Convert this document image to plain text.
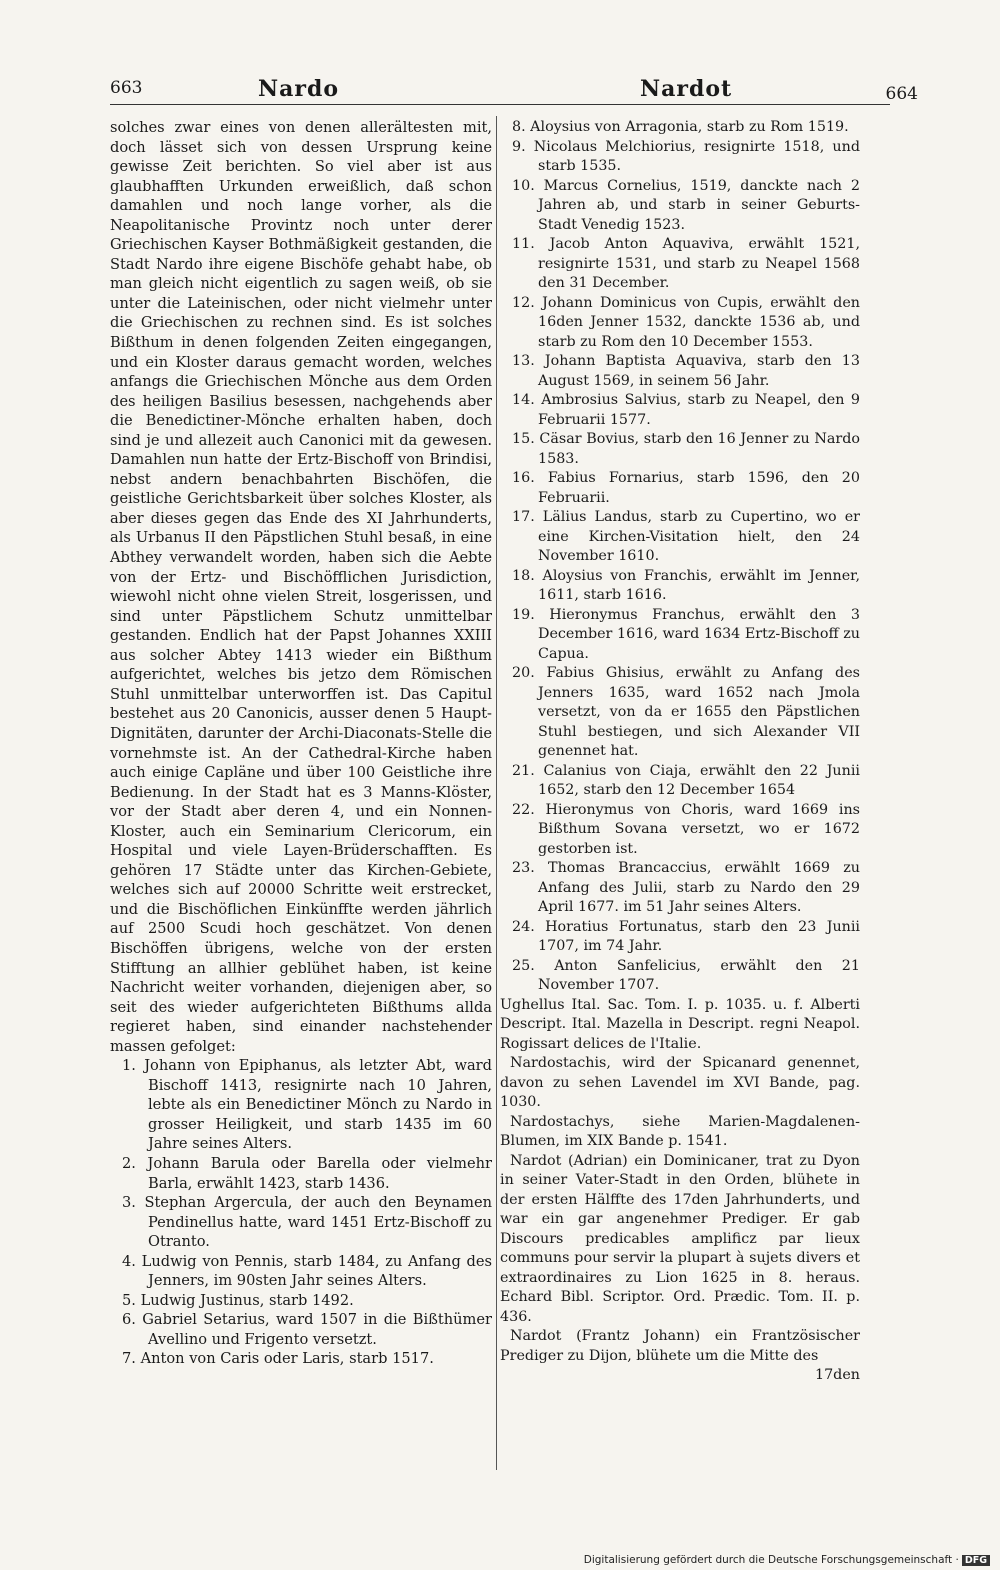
663	Nardo	Nardot	664

solches zwar eines von denen allerältesten mit, doch lässet sich von dessen Ursprung keine gewisse Zeit berichten. So viel aber ist aus glaubhafften Urkunden erweißlich, daß schon damahlen und noch lange vorher, als die Neapolitanische Provintz noch unter derer Griechischen Kayser Bothmäßigkeit gestanden, die Stadt Nardo ihre eigene Bischöfe gehabt habe, ob man gleich nicht eigentlich zu sagen weiß, ob sie unter die Lateinischen, oder nicht vielmehr unter die Griechischen zu rechnen sind. Es ist solches Bißthum in denen folgenden Zeiten eingegangen, und ein Kloster daraus gemacht worden, welches anfangs die Griechischen Mönche aus dem Orden des heiligen Basilius besessen, nachgehends aber die Benedictiner-Mönche erhalten haben, doch sind je und allezeit auch Canonici mit da gewesen. Damahlen nun hatte der Ertz-Bischoff von Brindisi, nebst andern benachbahrten Bischöfen, die geistliche Gerichtsbarkeit über solches Kloster, als aber dieses gegen das Ende des XI Jahrhunderts, als Urbanus II den Päpstlichen Stuhl besaß, in eine Abthey verwandelt worden, haben sich die Aebte von der Ertz- und Bischöfflichen Jurisdiction, wiewohl nicht ohne vielen Streit, losgerissen, und sind unter Päpstlichem Schutz unmittelbar gestanden. Endlich hat der Papst Johannes XXIII aus solcher Abtey 1413 wieder ein Bißthum aufgerichtet, welches bis jetzo dem Römischen Stuhl unmittelbar unterworffen ist. Das Capitul bestehet aus 20 Canonicis, ausser denen 5 Haupt-Dignitäten, darunter der Archi-Diaconats-Stelle die vornehmste ist. An der Cathedral-Kirche haben auch einige Capläne und über 100 Geistliche ihre Bedienung. In der Stadt hat es 3 Manns-Klöster, vor der Stadt aber deren 4, und ein Nonnen-Kloster, auch ein Seminarium Clericorum, ein Hospital und viele Layen-Brüderschafften. Es gehören 17 Städte unter das Kirchen-Gebiete, welches sich auf 20000 Schritte weit erstrecket, und die Bischöflichen Einkünffte werden jährlich auf 2500 Scudi hoch geschätzet. Von denen Bischöffen übrigens, welche von der ersten Stifftung an allhier geblühet haben, ist keine Nachricht weiter vorhanden, diejenigen aber, so seit des wieder aufgerichteten Bißthums allda regieret haben, sind einander nachstehender massen gefolget:

1. Johann von Epiphanus, als letzter Abt, ward Bischoff 1413, resignirte nach 10 Jahren, lebte als ein Benedictiner Mönch zu Nardo in grosser Heiligkeit, und starb 1435 im 60 Jahre seines Alters.

2. Johann Barula oder Barella oder vielmehr Barla, erwählt 1423, starb 1436.

3. Stephan Argercula, der auch den Beynamen Pendinellus hatte, ward 1451 Ertz-Bischoff zu Otranto.

4. Ludwig von Pennis, starb 1484, zu Anfang des Jenners, im 90sten Jahr seines Alters.

5. Ludwig Justinus, starb 1492.

6. Gabriel Setarius, ward 1507 in die Bißthümer Avellino und Frigento versetzt.

7. Anton von Caris oder Laris, starb 1517.

8. Aloysius von Arragonia, starb zu Rom 1519.

9. Nicolaus Melchiorius, resignirte 1518, und starb 1535.

10. Marcus Cornelius, 1519, danckte nach 2 Jahren ab, und starb in seiner Geburts-Stadt Venedig 1523.

11. Jacob Anton Aquaviva, erwählt 1521, resignirte 1531, und starb zu Neapel 1568 den 31 December.

12. Johann Dominicus von Cupis, erwählt den 16den Jenner 1532, danckte 1536 ab, und starb zu Rom den 10 December 1553.

13. Johann Baptista Aquaviva, starb den 13 August 1569, in seinem 56 Jahr.

14. Ambrosius Salvius, starb zu Neapel, den 9 Februarii 1577.

15. Cäsar Bovius, starb den 16 Jenner zu Nardo 1583.

16. Fabius Fornarius, starb 1596, den 20 Februarii.

17. Lälius Landus, starb zu Cupertino, wo er eine Kirchen-Visitation hielt, den 24 November 1610.

18. Aloysius von Franchis, erwählt im Jenner, 1611, starb 1616.

19. Hieronymus Franchus, erwählt den 3 December 1616, ward 1634 Ertz-Bischoff zu Capua.

20. Fabius Ghisius, erwählt zu Anfang des Jenners 1635, ward 1652 nach Jmola versetzt, von da er 1655 den Päpstlichen Stuhl bestiegen, und sich Alexander VII genennet hat.

21. Calanius von Ciaja, erwählt den 22 Junii 1652, starb den 12 December 1654

22. Hieronymus von Choris, ward 1669 ins Bißthum Sovana versetzt, wo er 1672 gestorben ist.

23. Thomas Brancaccius, erwählt 1669 zu Anfang des Julii, starb zu Nardo den 29 April 1677. im 51 Jahr seines Alters.

24. Horatius Fortunatus, starb den 23 Junii 1707, im 74 Jahr.

25. Anton Sanfelicius, erwählt den 21 November 1707.

Ughellus Ital. Sac. Tom. I. p. 1035. u. f. Alberti Descript. Ital. Mazella in Descript. regni Neapol. Rogissart delices de l'Italie.

Nardostachis, wird der Spicanard genennet, davon zu sehen Lavendel im XVI Bande, pag. 1030.

Nardostachys, siehe Marien-Magdalenen-Blumen, im XIX Bande p. 1541.

Nardot (Adrian) ein Dominicaner, trat zu Dyon in seiner Vater-Stadt in den Orden, blühete in der ersten Hälffte des 17den Jahrhunderts, und war ein gar angenehmer Prediger. Er gab Discours predicables amplificz par lieux communs pour servir la plupart à sujets divers et extraordinaires zu Lion 1625 in 8. heraus. Echard Bibl. Scriptor. Ord. Prædic. Tom. II. p. 436.

Nardot (Frantz Johann) ein Frantzösischer Prediger zu Dijon, blühete um die Mitte des

17den

Digitalisierung gefördert durch die Deutsche Forschungsgemeinschaft · DFG
